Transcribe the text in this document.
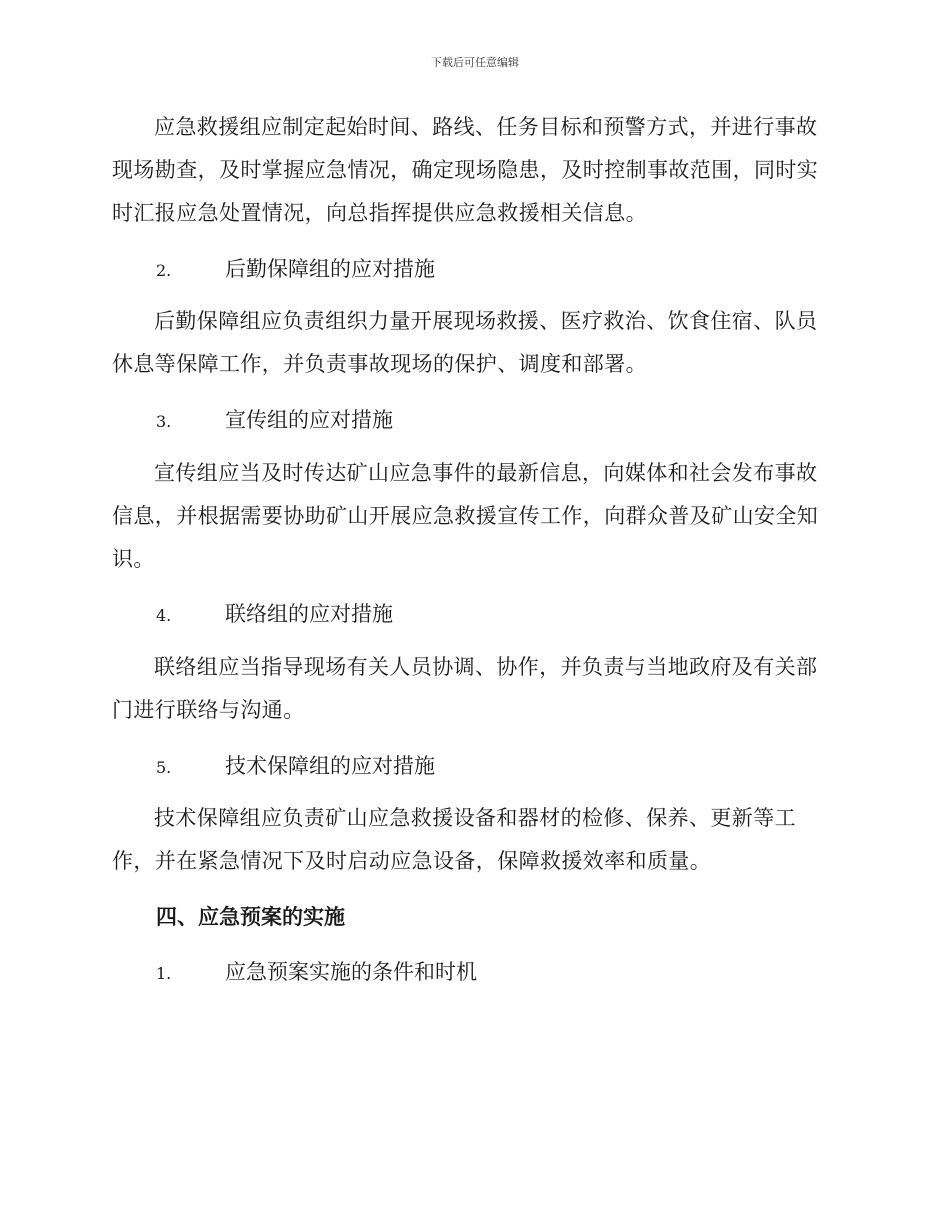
下载后可任意编辑

应急救援组应制定起始时间、路线、任务目标和预警方式，并进行事故现场勘查，及时掌握应急情况，确定现场隐患，及时控制事故范围，同时实时汇报应急处置情况，向总指挥提供应急救援相关信息。

2.	后勤保障组的应对措施

后勤保障组应负责组织力量开展现场救援、医疗救治、饮食住宿、队员休息等保障工作，并负责事故现场的保护、调度和部署。

3.	宣传组的应对措施

宣传组应当及时传达矿山应急事件的最新信息，向媒体和社会发布事故信息，并根据需要协助矿山开展应急救援宣传工作，向群众普及矿山安全知识。

4.	联络组的应对措施

联络组应当指导现场有关人员协调、协作，并负责与当地政府及有关部门进行联络与沟通。

5.	技术保障组的应对措施

技术保障组应负责矿山应急救援设备和器材的检修、保养、更新等工作，并在紧急情况下及时启动应急设备，保障救援效率和质量。

四、应急预案的实施
1.	应急预案实施的条件和时机
